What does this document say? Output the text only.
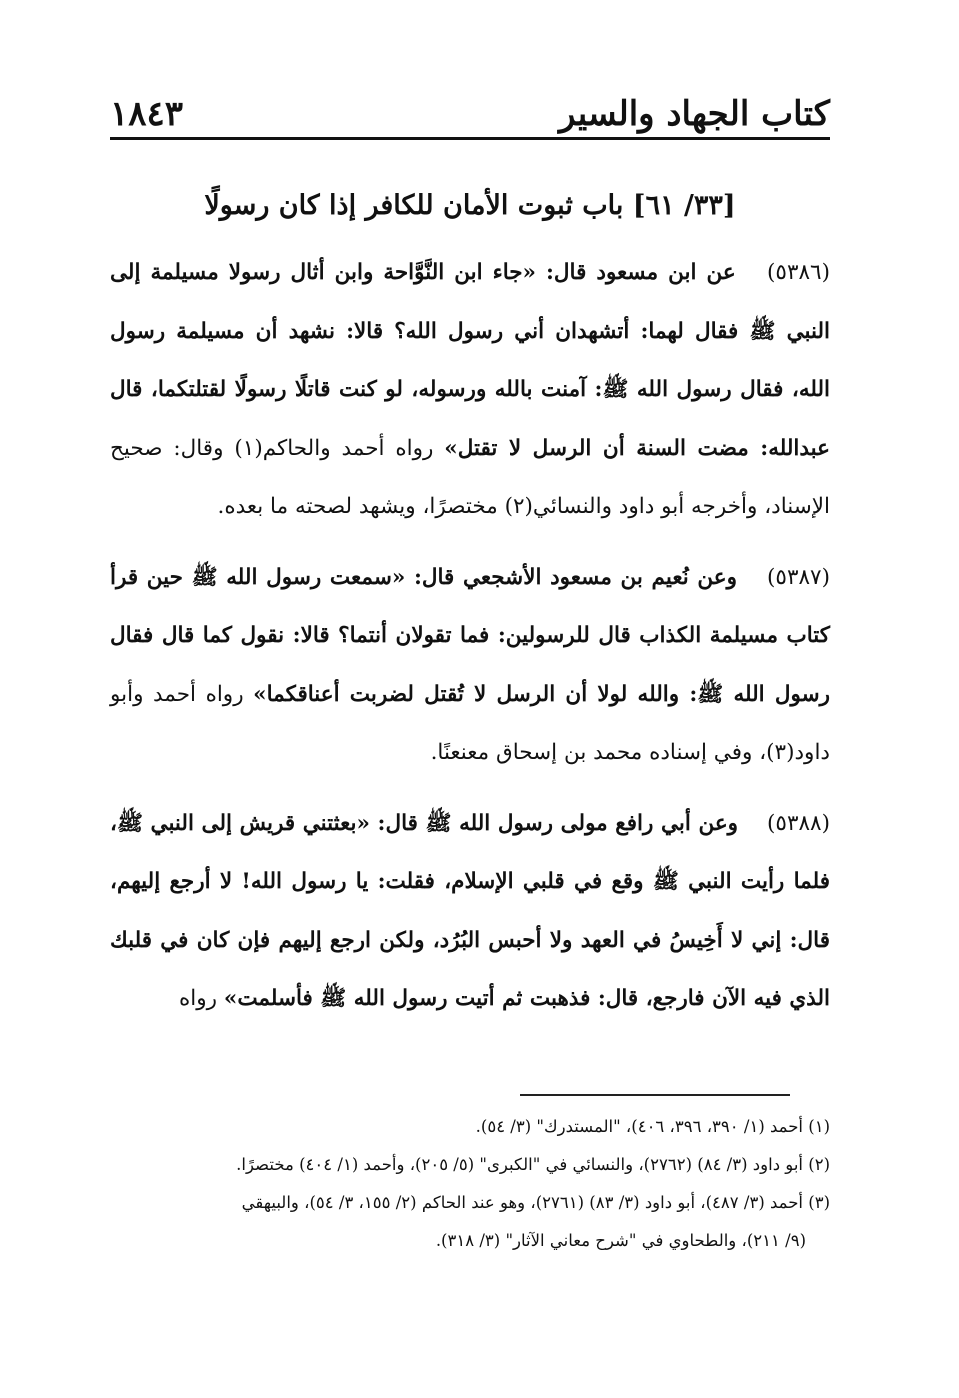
كتاب الجهاد والسير
١٨٤٣
[٣٣/ ٦١] باب ثبوت الأمان للكافر إذا كان رسولًا

(٥٣٨٦) عن ابن مسعود قال: «جاء ابن النَّوَّاحة وابن أثال رسولا مسيلمة إلى النبي ﷺ فقال لهما: أتشهدان أني رسول الله؟ قالا: نشهد أن مسيلمة رسول الله، فقال رسول الله ﷺ: آمنت بالله ورسوله، لو كنت قاتلًا رسولًا لقتلتكما، قال عبدالله: مضت السنة أن الرسل لا تقتل» رواه أحمد والحاكم(١) وقال: صحيح الإسناد، وأخرجه أبو داود والنسائي(٢) مختصرًا، ويشهد لصحته ما بعده.

(٥٣٨٧) وعن نُعيم بن مسعود الأشجعي قال: «سمعت رسول الله ﷺ حين قرأ كتاب مسيلمة الكذاب قال للرسولين: فما تقولان أنتما؟ قالا: نقول كما قال فقال رسول الله ﷺ: والله لولا أن الرسل لا تُقتل لضربت أعناقكما» رواه أحمد وأبو داود(٣)، وفي إسناده محمد بن إسحاق معنعنًا.

(٥٣٨٨) وعن أبي رافع مولى رسول الله ﷺ قال: «بعثتني قريش إلى النبي ﷺ، فلما رأيت النبي ﷺ وقع في قلبي الإسلام، فقلت: يا رسول الله! لا أرجع إليهم، قال: إني لا أَخِيسُ في العهد ولا أحبس البُرُد، ولكن ارجع إليهم فإن كان في قلبك الذي فيه الآن فارجع، قال: فذهبت ثم أتيت رسول الله ﷺ فأسلمت» رواه

(١) أحمد (١/ ٣٩٠، ٣٩٦، ٤٠٦)، "المستدرك" (٣/ ٥٤).

(٢) أبو داود (٣/ ٨٤) (٢٧٦٢)، والنسائي في "الكبرى" (٥/ ٢٠٥)، وأحمد (١/ ٤٠٤) مختصرًا.

(٣) أحمد (٣/ ٤٨٧)، أبو داود (٣/ ٨٣) (٢٧٦١)، وهو عند الحاكم (٢/ ١٥٥، ٣/ ٥٤)، والبيهقي

(٩/ ٢١١)، والطحاوي في "شرح معاني الآثار" (٣/ ٣١٨).
